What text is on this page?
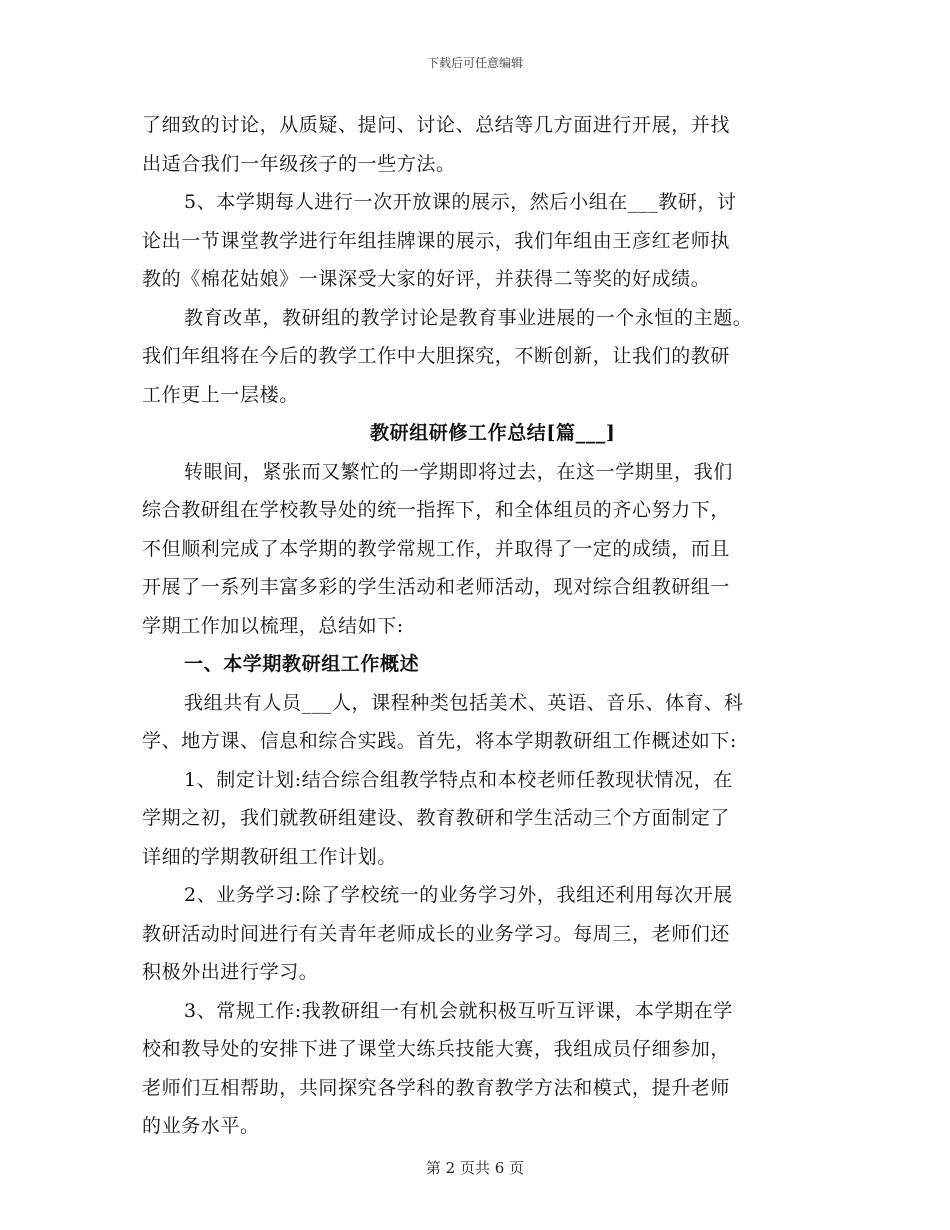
下载后可任意编辑
了细致的讨论，从质疑、提问、讨论、总结等几方面进行开展，并找
出适合我们一年级孩子的一些方法。
5、本学期每人进行一次开放课的展示，然后小组在___教研，讨
论出一节课堂教学进行年组挂牌课的展示，我们年组由王彦红老师执
教的《棉花姑娘》一课深受大家的好评，并获得二等奖的好成绩。
教育改革，教研组的教学讨论是教育事业进展的一个永恒的主题。
我们年组将在今后的教学工作中大胆探究，不断创新，让我们的教研
工作更上一层楼。
教研组研修工作总结[篇___]
转眼间，紧张而又繁忙的一学期即将过去，在这一学期里，我们
综合教研组在学校教导处的统一指挥下，和全体组员的齐心努力下，
不但顺利完成了本学期的教学常规工作，并取得了一定的成绩，而且
开展了一系列丰富多彩的学生活动和老师活动，现对综合组教研组一
学期工作加以梳理，总结如下:
一、本学期教研组工作概述
我组共有人员___人，课程种类包括美术、英语、音乐、体育、科
学、地方课、信息和综合实践。首先，将本学期教研组工作概述如下:
1、制定计划:结合综合组教学特点和本校老师任教现状情况，在
学期之初，我们就教研组建设、教育教研和学生活动三个方面制定了
详细的学期教研组工作计划。
2、业务学习:除了学校统一的业务学习外，我组还利用每次开展
教研活动时间进行有关青年老师成长的业务学习。每周三，老师们还
积极外出进行学习。
3、常规工作:我教研组一有机会就积极互听互评课，本学期在学
校和教导处的安排下进了课堂大练兵技能大赛，我组成员仔细参加，
老师们互相帮助，共同探究各学科的教育教学方法和模式，提升老师
的业务水平。
第 2 页共 6 页
